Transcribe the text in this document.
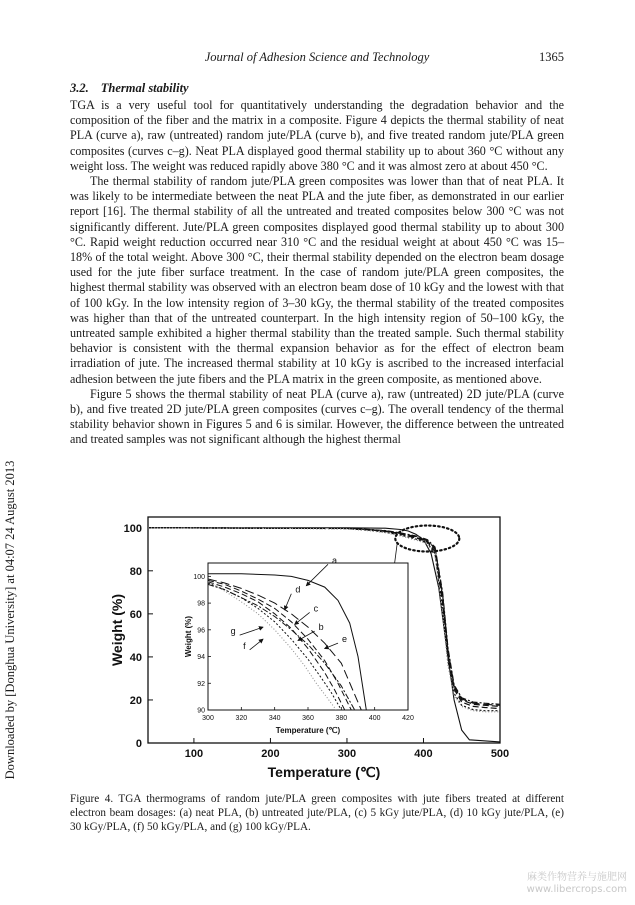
Journal of Adhesion Science and Technology	1365
Downloaded by [Donghua University] at 04:07 24 August 2013
3.2. Thermal stability

TGA is a very useful tool for quantitatively understanding the degradation behavior and the composition of the fiber and the matrix in a composite. Figure 4 depicts the thermal stability of neat PLA (curve a), raw (untreated) random jute/PLA (curve b), and five treated random jute/PLA green composites (curves c–g). Neat PLA displayed good thermal stability up to about 360 °C without any weight loss. The weight was reduced rapidly above 380 °C and it was almost zero at about 450 °C.

The thermal stability of random jute/PLA green composites was lower than that of neat PLA. It was likely to be intermediate between the neat PLA and the jute fiber, as demonstrated in our earlier report [16]. The thermal stability of all the untreated and treated composites below 300 °C was not significantly different. Jute/PLA green composites displayed good thermal stability up to about 300 °C. Rapid weight reduction occurred near 310 °C and the residual weight at about 450 °C was 15–18% of the total weight. Above 300 °C, their thermal stability depended on the electron beam dosage used for the jute fiber surface treatment. In the case of random jute/PLA green composites, the highest thermal stability was observed with an electron beam dose of 10 kGy and the lowest with that of 100 kGy. In the low intensity region of 3–30 kGy, the thermal stability of the treated composites was higher than that of the untreated counterpart. In the high intensity region of 50–100 kGy, the untreated sample exhibited a higher thermal stability than the treated sample. Such thermal stability behavior is consistent with the thermal expansion behavior as for the effect of electron beam irradiation of jute. The increased thermal stability at 10 kGy is ascribed to the increased interfacial adhesion between the jute fibers and the PLA matrix in the green composite, as mentioned above.

Figure 5 shows the thermal stability of neat PLA (curve a), raw (untreated) 2D jute/PLA (curve b), and five treated 2D jute/PLA green composites (curves c–g). The overall tendency of the thermal stability behavior shown in Figures 5 and 6 is similar. However, the difference between the untreated and treated samples was not significant although the highest thermal

100	200	300	400	500
0
20
40
60
80
100
Temperature (℃)
Weight (%)
300	320	340	360	380	400	420
90
92
94
96
98
100
Temperature (℃)
Weight (%)
a
b
c
d
e
f
g
Figure 4. TGA thermograms of random jute/PLA green composites with jute fibers treated at different electron beam dosages: (a) neat PLA, (b) untreated jute/PLA, (c) 5 kGy jute/PLA, (d) 10 kGy jute/PLA, (e) 30 kGy/PLA, (f) 50 kGy/PLA, and (g) 100 kGy/PLA.
麻类作物营养与施肥网
www.libercrops.com
